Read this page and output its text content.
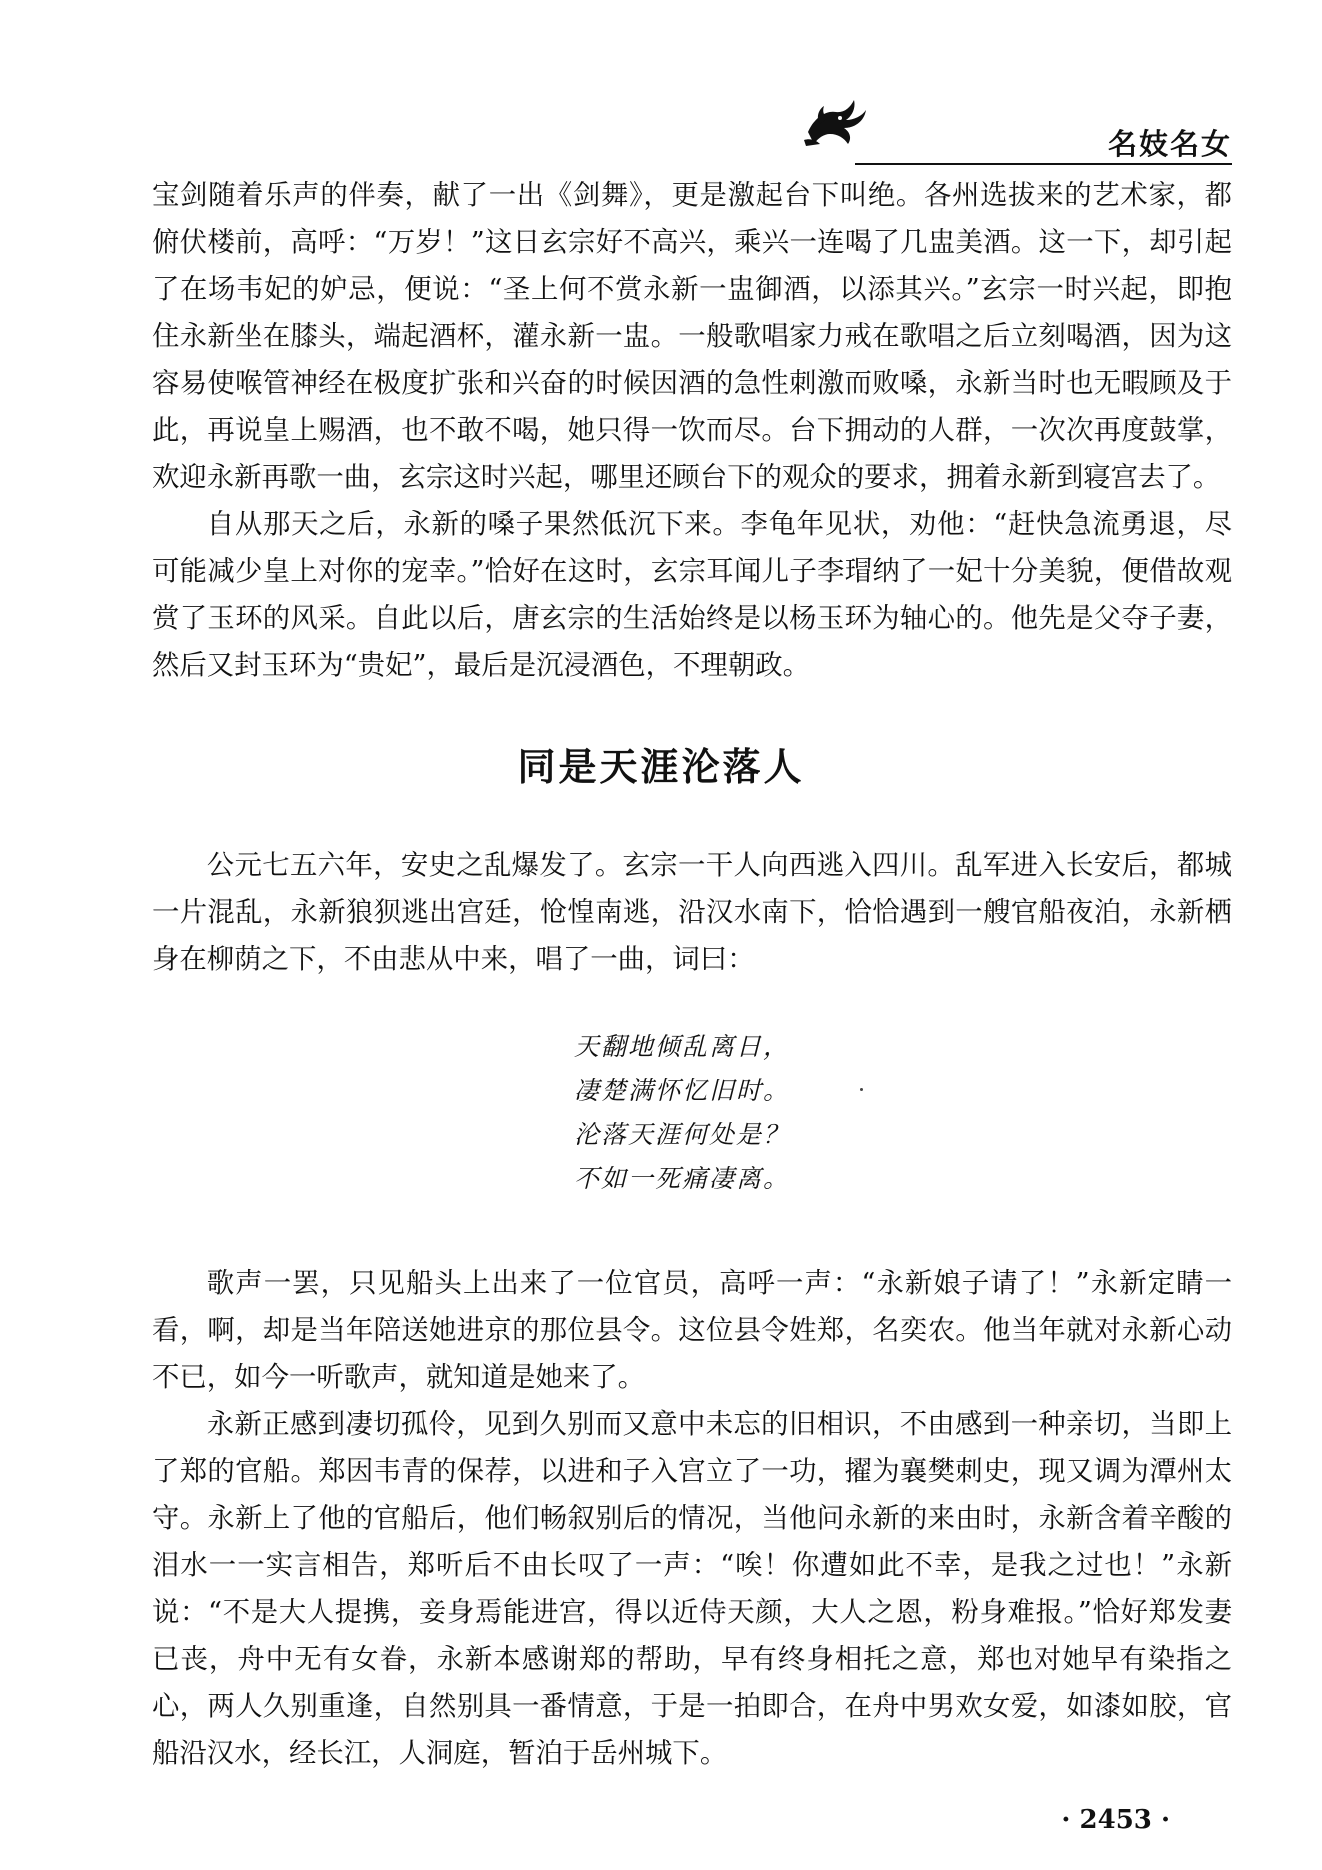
名妓名女

宝剑随着乐声的伴奏，献了一出《剑舞》，更是激起台下叫绝。各州选拔来的艺术家，都俯伏楼前，高呼：“万岁！”这日玄宗好不高兴，乘兴一连喝了几盅美酒。这一下，却引起了在场韦妃的妒忌，便说：“圣上何不赏永新一盅御酒，以添其兴。”玄宗一时兴起，即抱住永新坐在膝头，端起酒杯，灌永新一盅。一般歌唱家力戒在歌唱之后立刻喝酒，因为这容易使喉管神经在极度扩张和兴奋的时候因酒的急性刺激而败嗓，永新当时也无暇顾及于此，再说皇上赐酒，也不敢不喝，她只得一饮而尽。台下拥动的人群，一次次再度鼓掌，欢迎永新再歌一曲，玄宗这时兴起，哪里还顾台下的观众的要求，拥着永新到寝宫去了。

自从那天之后，永新的嗓子果然低沉下来。李龟年见状，劝他：“赶快急流勇退，尽可能减少皇上对你的宠幸。”恰好在这时，玄宗耳闻儿子李瑁纳了一妃十分美貌，便借故观赏了玉环的风采。自此以后，唐玄宗的生活始终是以杨玉环为轴心的。他先是父夺子妻，然后又封玉环为“贵妃”，最后是沉浸酒色，不理朝政。

同是天涯沦落人

公元七五六年，安史之乱爆发了。玄宗一干人向西逃入四川。乱军进入长安后，都城一片混乱，永新狼狈逃出宫廷，怆惶南逃，沿汉水南下，恰恰遇到一艘官船夜泊，永新栖身在柳荫之下，不由悲从中来，唱了一曲，词曰：

天翻地倾乱离日，
凄楚满怀忆旧时。
沦落天涯何处是？
不如一死痛凄离。

歌声一罢，只见船头上出来了一位官员，高呼一声：“永新娘子请了！”永新定睛一看，啊，却是当年陪送她进京的那位县令。这位县令姓郑，名奕农。他当年就对永新心动不已，如今一听歌声，就知道是她来了。

永新正感到凄切孤伶，见到久别而又意中未忘的旧相识，不由感到一种亲切，当即上了郑的官船。郑因韦青的保荐，以进和子入宫立了一功，擢为襄樊刺史，现又调为潭州太守。永新上了他的官船后，他们畅叙别后的情况，当他问永新的来由时，永新含着辛酸的泪水一一实言相告，郑听后不由长叹了一声：“唉！你遭如此不幸，是我之过也！”永新说：“不是大人提携，妾身焉能进宫，得以近侍天颜，大人之恩，粉身难报。”恰好郑发妻已丧，舟中无有女眷，永新本感谢郑的帮助，早有终身相托之意，郑也对她早有染指之心，两人久别重逢，自然别具一番情意，于是一拍即合，在舟中男欢女爱，如漆如胶，官船沿汉水，经长江，人洞庭，暂泊于岳州城下。

· 2453 ·
